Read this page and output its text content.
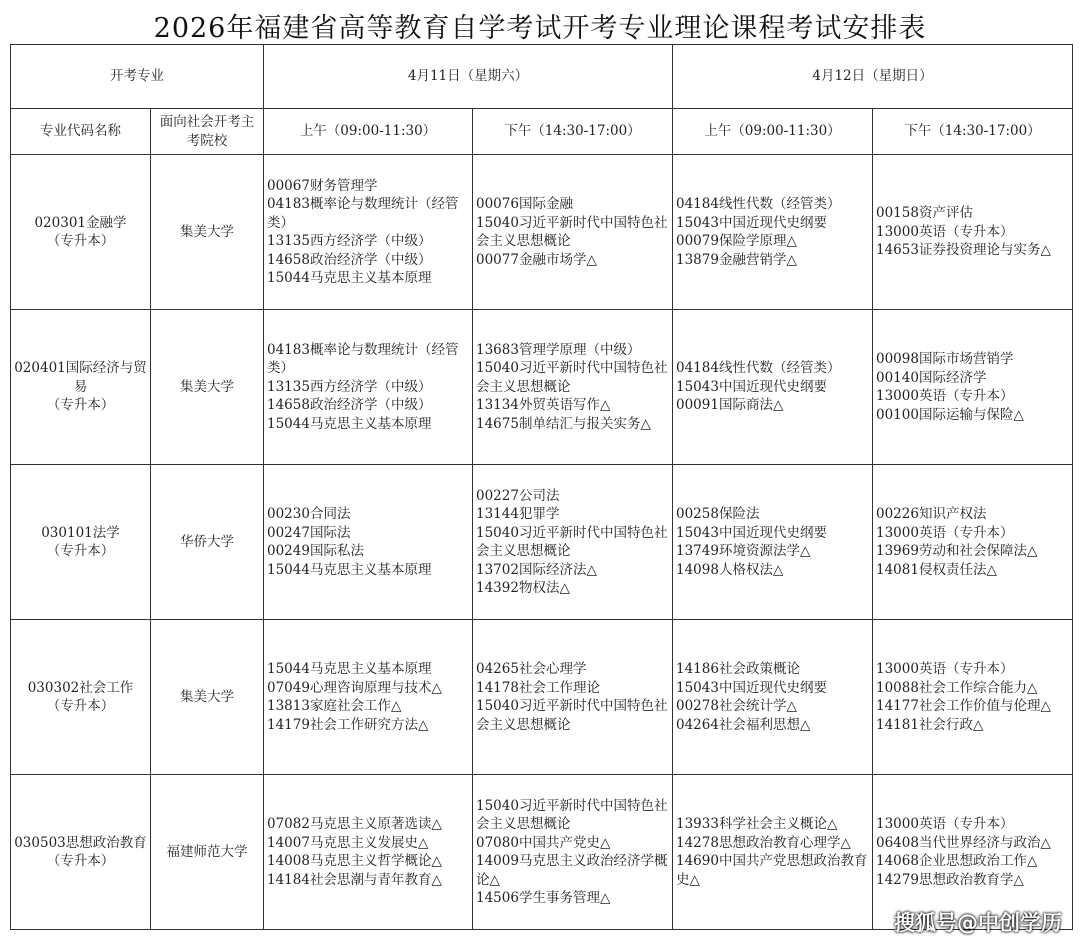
2026年福建省高等教育自学考试开考专业理论课程考试安排表
开考专业		4月11日（星期六）		4月12日（星期日）	
专业代码名称	面向社会开考主考院校	上午（09:00-11:30）	下午（14:30-17:00）	上午（09:00-11:30）	下午（14:30-17:00）

020301金融学
（专升本）	集美大学	00067财务管理学
04183概率论与数理统计（经管类）
13135西方经济学（中级）
14658政治经济学（中级）
15044马克思主义基本原理	00076国际金融
15040习近平新时代中国特色社会主义思想概论
00077金融市场学△	04184线性代数（经管类）
15043中国近现代史纲要
00079保险学原理△
13879金融营销学△	00158资产评估
13000英语（专升本）
14653证券投资理论与实务△

020401国际经济与贸易
（专升本）	集美大学	04183概率论与数理统计（经管类）
13135西方经济学（中级）
14658政治经济学（中级）
15044马克思主义基本原理	13683管理学原理（中级）
15040习近平新时代中国特色社会主义思想概论
13134外贸英语写作△
14675制单结汇与报关实务△	04184线性代数（经管类）
15043中国近现代史纲要
00091国际商法△	00098国际市场营销学
00140国际经济学
13000英语（专升本）
00100国际运输与保险△

030101法学
（专升本）	华侨大学	00230合同法
00247国际法
00249国际私法
15044马克思主义基本原理	00227公司法
13144犯罪学
15040习近平新时代中国特色社会主义思想概论
13702国际经济法△
14392物权法△	00258保险法
15043中国近现代史纲要
13749环境资源法学△
14098人格权法△	00226知识产权法
13000英语（专升本）
13969劳动和社会保障法△
14081侵权责任法△

030302社会工作
（专升本）	集美大学	15044马克思主义基本原理
07049心理咨询原理与技术△
13813家庭社会工作△
14179社会工作研究方法△	04265社会心理学
14178社会工作理论
15040习近平新时代中国特色社会主义思想概论	14186社会政策概论
15043中国近现代史纲要
00278社会统计学△
04264社会福利思想△	13000英语（专升本）
10088社会工作综合能力△
14177社会工作价值与伦理△
14181社会行政△

030503思想政治教育
（专升本）	福建师范大学	07082马克思主义原著选读△
14007马克思主义发展史△
14008马克思主义哲学概论△
14184社会思潮与青年教育△	15040习近平新时代中国特色社会主义思想概论
07080中国共产党史△
14009马克思主义政治经济学概论△
14506学生事务管理△	13933科学社会主义概论△
14278思想政治教育心理学△
14690中国共产党思想政治教育史△	13000英语（专升本）
06408当代世界经济与政治△
14068企业思想政治工作△
14279思想政治教育学△
搜狐号@中创学历
